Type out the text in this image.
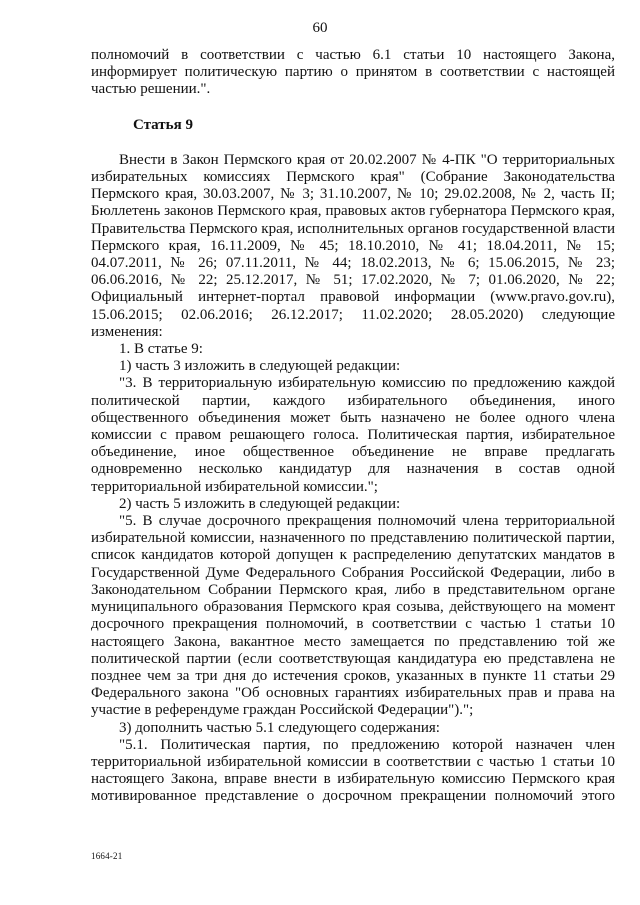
60

полномочий в соответствии с частью 6.1 статьи 10 настоящего Закона, информирует политическую партию о принятом в соответствии с настоящей частью решении.".

Статья 9

Внести в Закон Пермского края от 20.02.2007 № 4-ПК "О территориальных избирательных комиссиях Пермского края" (Собрание Законодательства Пермского края, 30.03.2007, № 3; 31.10.2007, № 10; 29.02.2008, № 2, часть II; Бюллетень законов Пермского края, правовых актов губернатора Пермского края, Правительства Пермского края, исполнительных органов государственной власти Пермского края, 16.11.2009, № 45; 18.10.2010, № 41; 18.04.2011, № 15; 04.07.2011, № 26; 07.11.2011, № 44; 18.02.2013, № 6; 15.06.2015, № 23; 06.06.2016, № 22; 25.12.2017, № 51; 17.02.2020, № 7; 01.06.2020, № 22; Официальный интернет-портал правовой информации (www.pravo.gov.ru), 15.06.2015; 02.06.2016; 26.12.2017; 11.02.2020; 28.05.2020) следующие изменения:

1. В статье 9:

1) часть 3 изложить в следующей редакции:

"3. В территориальную избирательную комиссию по предложению каждой политической партии, каждого избирательного объединения, иного общественного объединения может быть назначено не более одного члена комиссии с правом решающего голоса. Политическая партия, избирательное объединение, иное общественное объединение не вправе предлагать одновременно несколько кандидатур для назначения в состав одной территориальной избирательной комиссии.";

2) часть 5 изложить в следующей редакции:

"5. В случае досрочного прекращения полномочий члена территориальной избирательной комиссии, назначенного по представлению политической партии, список кандидатов которой допущен к распределению депутатских мандатов в Государственной Думе Федерального Собрания Российской Федерации, либо в Законодательном Собрании Пермского края, либо в представительном органе муниципального образования Пермского края созыва, действующего на момент досрочного прекращения полномочий, в соответствии с частью 1 статьи 10 настоящего Закона, вакантное место замещается по представлению той же политической партии (если соответствующая кандидатура ею представлена не позднее чем за три дня до истечения сроков, указанных в пункте 11 статьи 29 Федерального закона "Об основных гарантиях избирательных прав и права на участие в референдуме граждан Российской Федерации").";

3) дополнить частью 5.1 следующего содержания:

"5.1. Политическая партия, по предложению которой назначен член территориальной избирательной комиссии в соответствии с частью 1 статьи 10 настоящего Закона, вправе внести в избирательную комиссию Пермского края мотивированное представление о досрочном прекращении полномочий этого

1664-21
